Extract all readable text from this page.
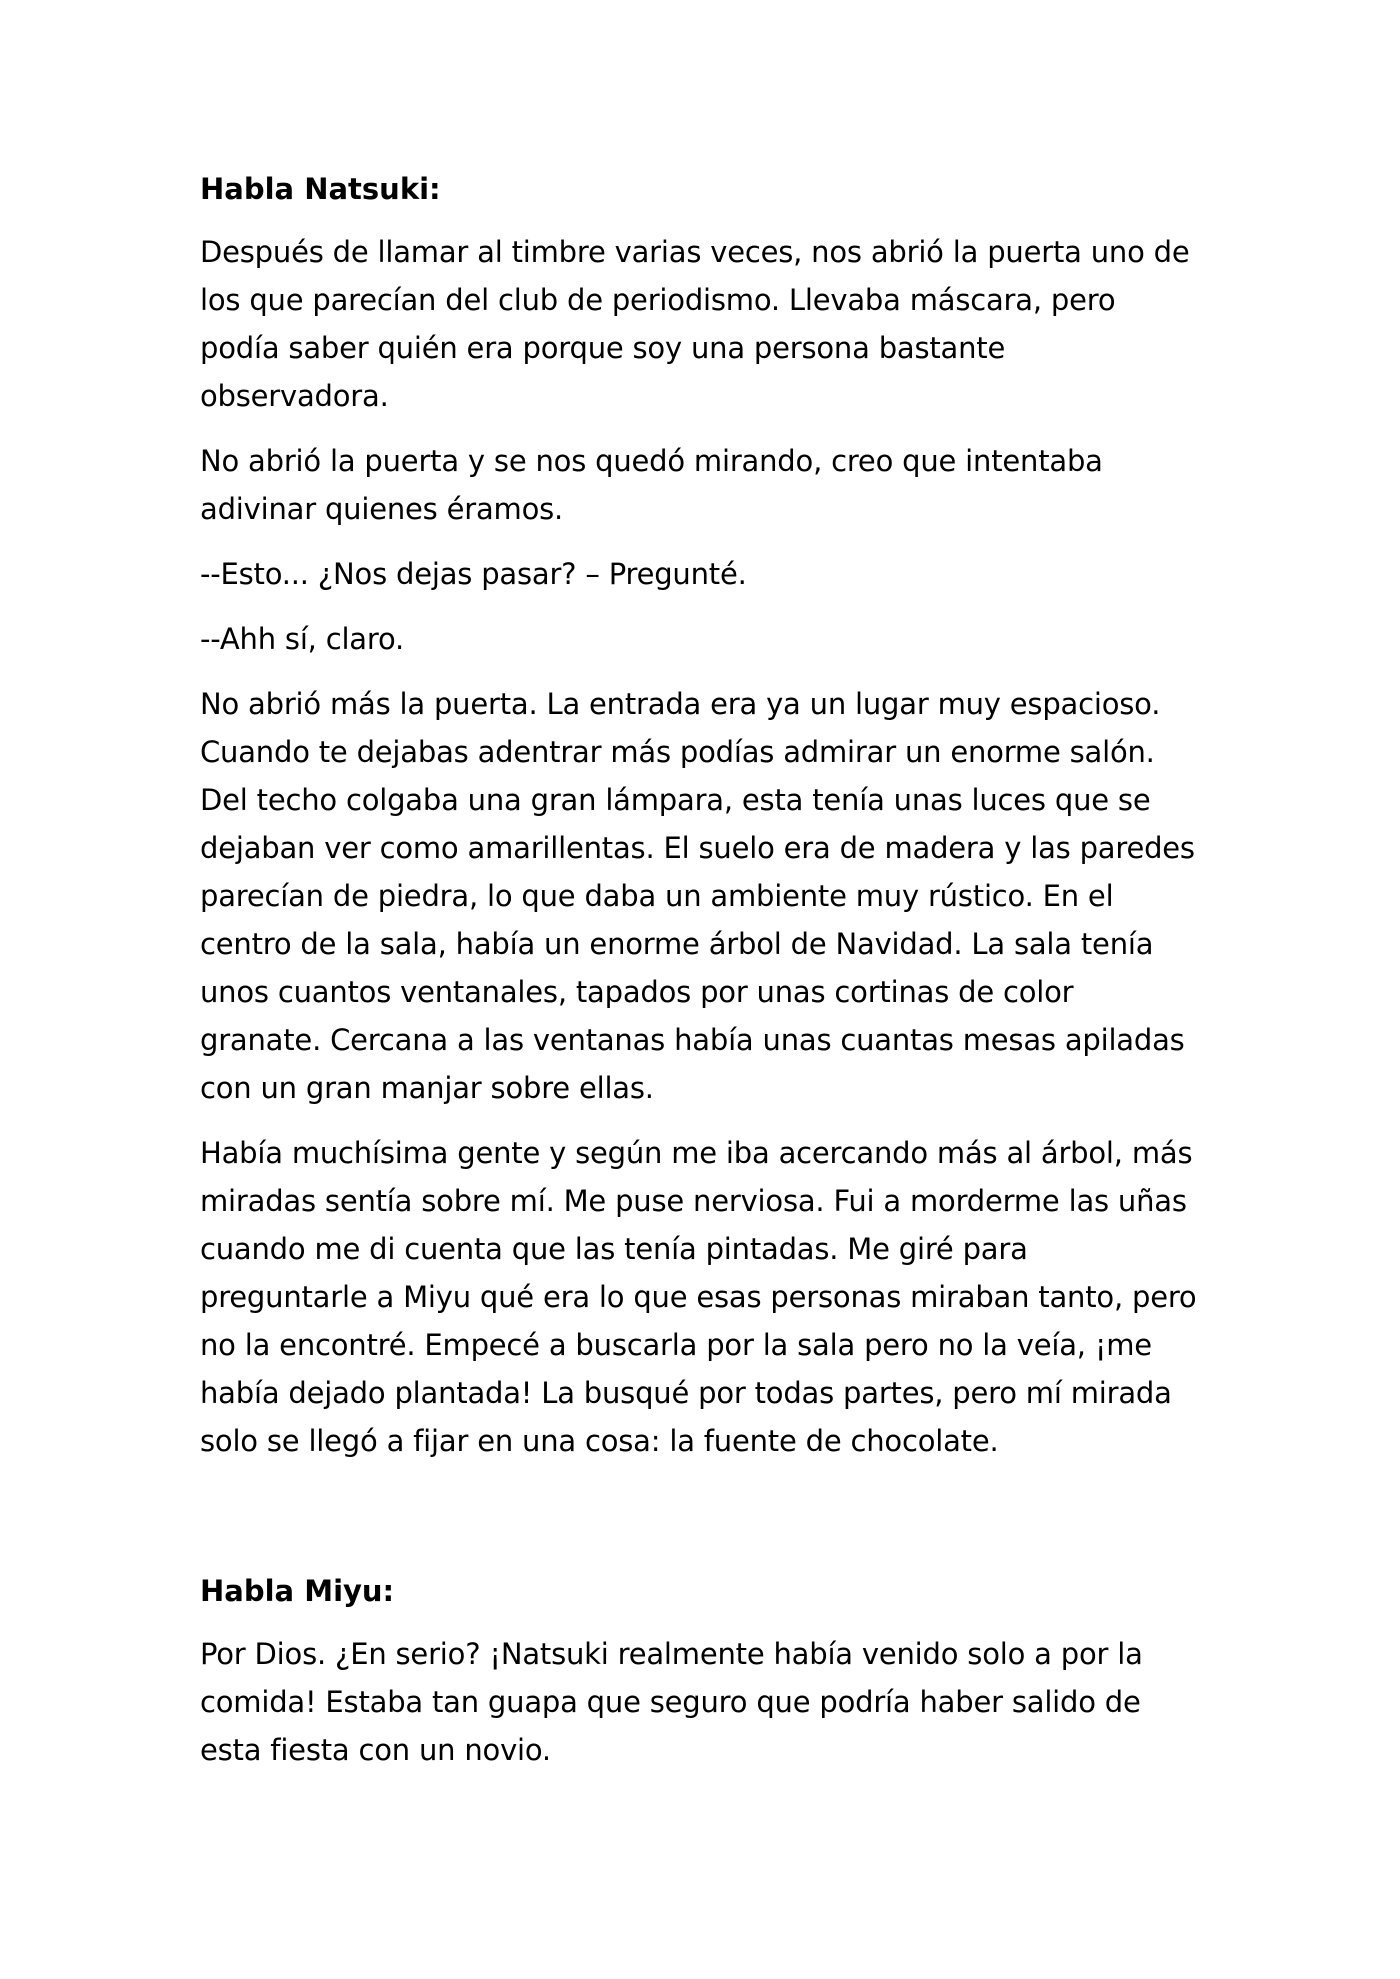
Habla Natsuki:

Después de llamar al timbre varias veces, nos abrió la puerta uno de los que parecían del club de periodismo. Llevaba máscara, pero podía saber quién era porque soy una persona bastante observadora.

No abrió la puerta y se nos quedó mirando, creo que intentaba adivinar quienes éramos.

--Esto... ¿Nos dejas pasar? – Pregunté.

--Ahh sí, claro.

No abrió más la puerta. La entrada era ya un lugar muy espacioso. Cuando te dejabas adentrar más podías admirar un enorme salón. Del techo colgaba una gran lámpara, esta tenía unas luces que se dejaban ver como amarillentas. El suelo era de madera y las paredes parecían de piedra, lo que daba un ambiente muy rústico. En el centro de la sala, había un enorme árbol de Navidad. La sala tenía unos cuantos ventanales, tapados por unas cortinas de color granate. Cercana a las ventanas había unas cuantas mesas apiladas con un gran manjar sobre ellas.

Había muchísima gente y según me iba acercando más al árbol, más miradas sentía sobre mí. Me puse nerviosa. Fui a morderme las uñas cuando me di cuenta que las tenía pintadas. Me giré para preguntarle a Miyu qué era lo que esas personas miraban tanto, pero no la encontré. Empecé a buscarla por la sala pero no la veía, ¡me había dejado plantada! La busqué por todas partes, pero mí mirada solo se llegó a fijar en una cosa: la fuente de chocolate.

Habla Miyu:

Por Dios. ¿En serio? ¡Natsuki realmente había venido solo a por la comida! Estaba tan guapa que seguro que podría haber salido de esta fiesta con un novio.
